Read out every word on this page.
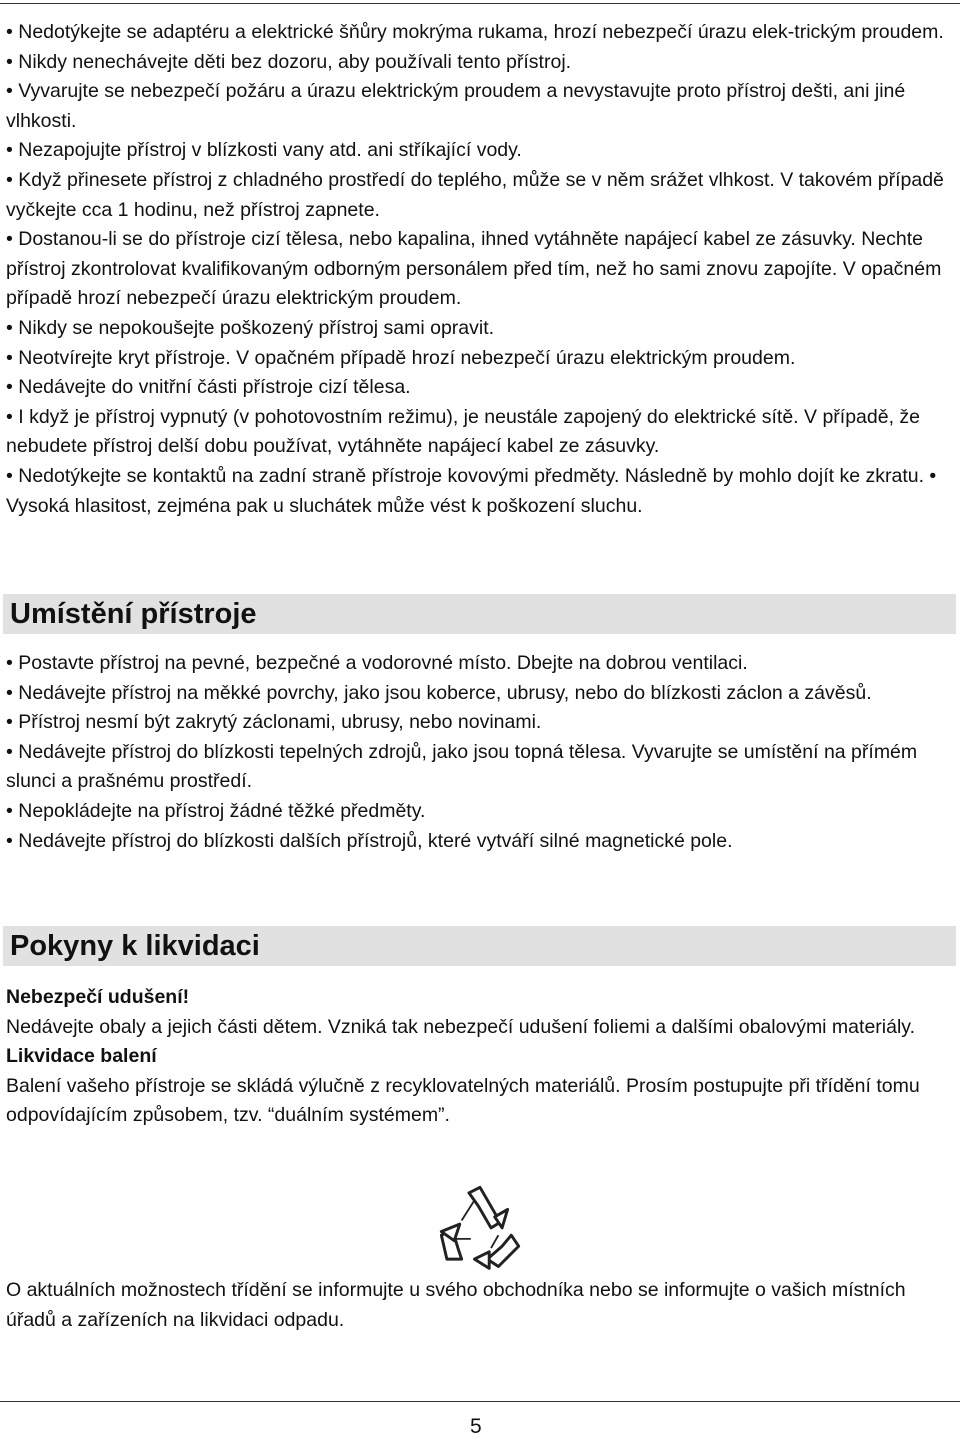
• Nedotýkejte se adaptéru a elektrické šňůry mokrýma rukama, hrozí nebezpečí úrazu elek-trickým proudem.

• Nikdy nenechávejte děti bez dozoru, aby používali tento přístroj.

• Vyvarujte se nebezpečí požáru a úrazu elektrickým proudem a nevystavujte proto přístroj dešti, ani jiné vlhkosti.

• Nezapojujte přístroj v blízkosti vany atd. ani stříkající vody.

• Když přinesete přístroj z chladného prostředí do teplého, může se v něm srážet vlhkost. V takovém případě vyčkejte cca 1 hodinu, než přístroj zapnete.

• Dostanou-li se do přístroje cizí tělesa, nebo kapalina, ihned vytáhněte napájecí kabel ze zásuvky. Nechte přístroj zkontrolovat kvalifikovaným odborným personálem před tím, než ho sami znovu zapojíte. V opačném případě hrozí nebezpečí úrazu elektrickým proudem.

• Nikdy se nepokoušejte poškozený přístroj sami opravit.

• Neotvírejte kryt přístroje. V opačném případě hrozí nebezpečí úrazu elektrickým proudem.

• Nedávejte do vnitřní části přístroje cizí tělesa.

• I když je přístroj vypnutý (v pohotovostním režimu), je neustále zapojený do elektrické sítě. V případě, že nebudete přístroj delší dobu používat, vytáhněte napájecí kabel ze zásuvky.

• Nedotýkejte se kontaktů na zadní straně přístroje kovovými předměty. Následně by mohlo dojít ke zkratu. • Vysoká hlasitost, zejména pak u sluchátek může vést k poškození sluchu.

Umístění přístroje

• Postavte přístroj na pevné, bezpečné a vodorovné místo. Dbejte na dobrou ventilaci.

• Nedávejte přístroj na měkké povrchy, jako jsou koberce, ubrusy, nebo do blízkosti záclon a závěsů.

• Přístroj nesmí být zakrytý záclonami, ubrusy, nebo novinami.

• Nedávejte přístroj do blízkosti tepelných zdrojů, jako jsou topná tělesa. Vyvarujte se umístění na přímém slunci a prašnému prostředí.

• Nepokládejte na přístroj žádné těžké předměty.

• Nedávejte přístroj do blízkosti dalších přístrojů, které vytváří silné magnetické pole.

Pokyny k likvidaci

Nebezpečí udušení!

Nedávejte obaly a jejich části dětem. Vzniká tak nebezpečí udušení foliemi a dalšími obalovými materiály.

Likvidace balení

Balení vašeho přístroje se skládá výlučně z recyklovatelných materiálů. Prosím postupujte při třídění tomu odpovídajícím způsobem, tzv. “duálním systémem”.

O aktuálních možnostech třídění se informujte u svého obchodníka nebo se informujte o vašich místních úřadů a zařízeních na likvidaci odpadu.

5
